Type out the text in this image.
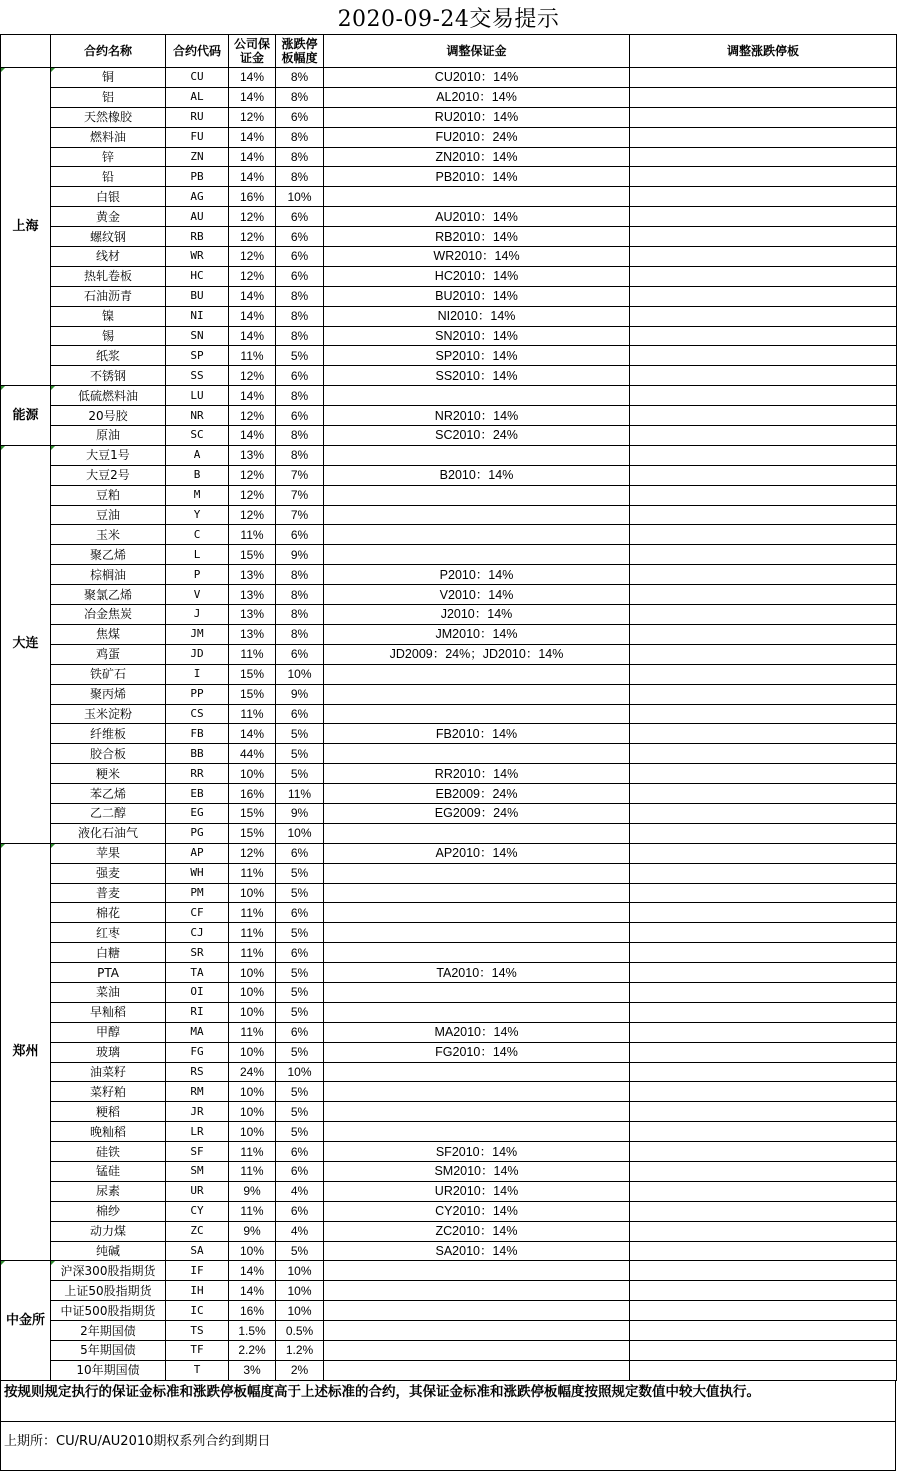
2020-09-24交易提示
	合约名称	合约代码	公司保证金	涨跌停板幅度	调整保证金	调整涨跌停板
上海	铜	CU	14%	8%	CU2010：14%	
	铝	AL	14%	8%	AL2010：14%	
	天然橡胶	RU	12%	6%	RU2010：14%	
	燃料油	FU	14%	8%	FU2010：24%	
	锌	ZN	14%	8%	ZN2010：14%	
	铅	PB	14%	8%	PB2010：14%	
	白银	AG	16%	10%		
	黄金	AU	12%	6%	AU2010：14%	
	螺纹钢	RB	12%	6%	RB2010：14%	
	线材	WR	12%	6%	WR2010：14%	
	热轧卷板	HC	12%	6%	HC2010：14%	
	石油沥青	BU	14%	8%	BU2010：14%	
	镍	NI	14%	8%	NI2010：14%	
	锡	SN	14%	8%	SN2010：14%	
	纸浆	SP	11%	5%	SP2010：14%	
	不锈钢	SS	12%	6%	SS2010：14%	
能源	低硫燃料油	LU	14%	8%		
	20号胶	NR	12%	6%	NR2010：14%	
	原油	SC	14%	8%	SC2010：24%	
大连	大豆1号	A	13%	8%		
	大豆2号	B	12%	7%	B2010：14%	
	豆粕	M	12%	7%		
	豆油	Y	12%	7%		
	玉米	C	11%	6%		
	聚乙烯	L	15%	9%		
	棕榈油	P	13%	8%	P2010：14%	
	聚氯乙烯	V	13%	8%	V2010：14%	
	冶金焦炭	J	13%	8%	J2010：14%	
	焦煤	JM	13%	8%	JM2010：14%	
	鸡蛋	JD	11%	6%	JD2009：24%；JD2010：14%	
	铁矿石	I	15%	10%		
	聚丙烯	PP	15%	9%		
	玉米淀粉	CS	11%	6%		
	纤维板	FB	14%	5%	FB2010：14%	
	胶合板	BB	44%	5%		
	粳米	RR	10%	5%	RR2010：14%	
	苯乙烯	EB	16%	11%	EB2009：24%	
	乙二醇	EG	15%	9%	EG2009：24%	
	液化石油气	PG	15%	10%		
郑州	苹果	AP	12%	6%	AP2010：14%	
	强麦	WH	11%	5%		
	普麦	PM	10%	5%		
	棉花	CF	11%	6%		
	红枣	CJ	11%	5%		
	白糖	SR	11%	6%		
	PTA	TA	10%	5%	TA2010：14%	
	菜油	OI	10%	5%		
	早籼稻	RI	10%	5%		
	甲醇	MA	11%	6%	MA2010：14%	
	玻璃	FG	10%	5%	FG2010：14%	
	油菜籽	RS	24%	10%		
	菜籽粕	RM	10%	5%		
	粳稻	JR	10%	5%		
	晚籼稻	LR	10%	5%		
	硅铁	SF	11%	6%	SF2010：14%	
	锰硅	SM	11%	6%	SM2010：14%	
	尿素	UR	9%	4%	UR2010：14%	
	棉纱	CY	11%	6%	CY2010：14%	
	动力煤	ZC	9%	4%	ZC2010：14%	
	纯碱	SA	10%	5%	SA2010：14%	
中金所	沪深300股指期货	IF	14%	10%		
	上证50股指期货	IH	14%	10%		
	中证500股指期货	IC	16%	10%		
	2年期国债	TS	1.5%	0.5%		
	5年期国债	TF	2.2%	1.2%		
	10年期国债	T	3%	2%		
按规则规定执行的保证金标准和涨跌停板幅度高于上述标准的合约，其保证金标准和涨跌停板幅度按照规定数值中较大值执行。
上期所：CU/RU/AU2010期权系列合约到期日
